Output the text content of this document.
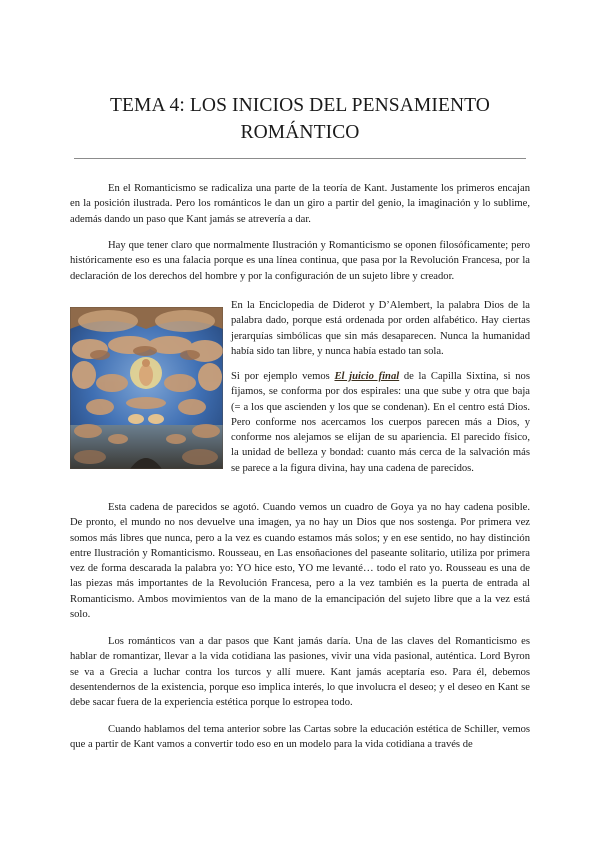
TEMA 4: LOS INICIOS DEL PENSAMIENTO
ROMÁNTICO

En el Romanticismo se radicaliza una parte de la teoría de Kant. Justamente los primeros encajan en la posición ilustrada. Pero los románticos le dan un giro a partir del genio, la imaginación y lo sublime, además dando un paso que Kant jamás se atrevería a dar.

Hay que tener claro que normalmente Ilustración y Romanticismo se oponen filosóficamente; pero históricamente eso es una falacia porque es una línea continua, que pasa por la Revolución Francesa, por la declaración de los derechos del hombre y por la configuración de un sujeto libre y creador.

En la Enciclopedia de Diderot y D’Alembert, la palabra Dios de la palabra dado, porque está ordenada por orden alfabético. Hay ciertas jerarquías simbólicas que sin más desaparecen. Nunca la humanidad había sido tan libre, y nunca había estado tan sola.

Si por ejemplo vemos El juicio final de la Capilla Sixtina, si nos fijamos, se conforma por dos espirales: una que sube y otra que baja (= a los que ascienden y los que se condenan). En el centro está Dios. Pero conforme nos acercamos los cuerpos parecen más a Dios, y conforme nos alejamos se elijan de su apariencia. El parecido físico, la unidad de belleza y bondad: cuanto más cerca de la salvación más se parece a la figura divina, hay una cadena de parecidos.

Esta cadena de parecidos se agotó. Cuando vemos un cuadro de Goya ya no hay cadena posible. De pronto, el mundo no nos devuelve una imagen, ya no hay un Dios que nos sostenga. Por primera vez somos más libres que nunca, pero a la vez es cuando estamos más solos; y en ese sentido, no hay distinción entre Ilustración y Romanticismo. Rousseau, en Las ensoñaciones del paseante solitario, utiliza por primera vez de forma descarada la palabra yo: YO hice esto, YO me levanté… todo el rato yo. Rousseau es una de las piezas más importantes de la Revolución Francesa, pero a la vez también es la puerta de entrada al Romanticismo. Ambos movimientos van de la mano de la emancipación del sujeto libre que a la vez está solo.

Los románticos van a dar pasos que Kant jamás daría. Una de las claves del Romanticismo es hablar de romantizar, llevar a la vida cotidiana las pasiones, vivir una vida pasional, auténtica. Lord Byron se va a Grecia a luchar contra los turcos y allí muere. Kant jamás aceptaría eso. Para él, debemos desentendernos de la existencia, porque eso implica interés, lo que involucra el deseo; y el deseo en Kant se debe sacar fuera de la experiencia estética porque lo estropea todo.

Cuando hablamos del tema anterior sobre las Cartas sobre la educación estética de Schiller, vemos que a partir de Kant vamos a convertir todo eso en un modelo para la vida cotidiana a través de
